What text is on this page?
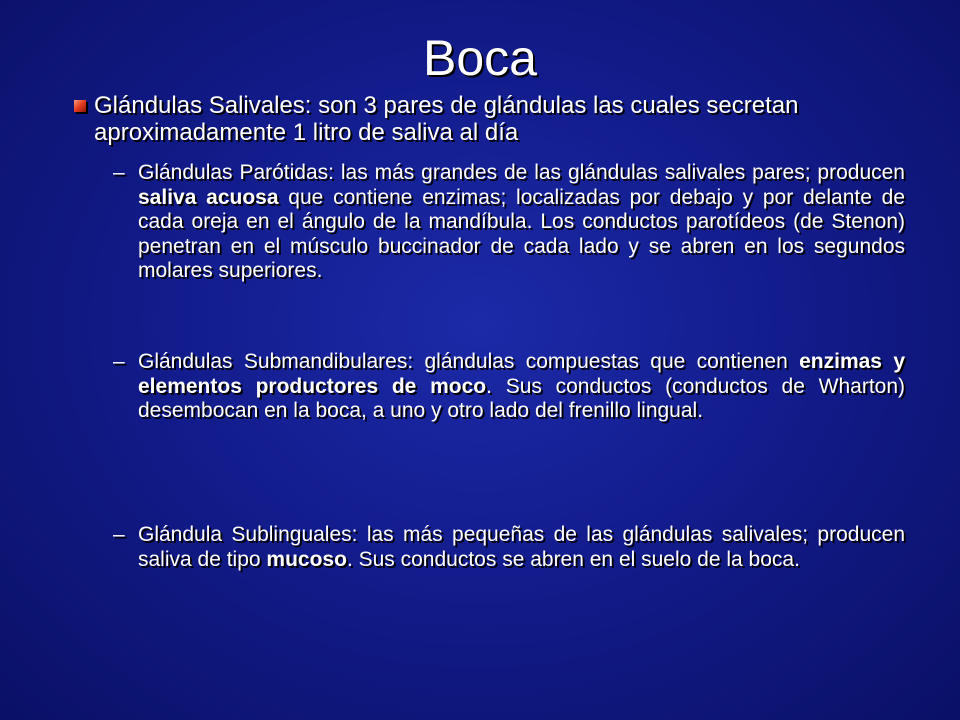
Boca
Glándulas Salivales: son 3 pares de glándulas las cuales secretan aproximadamente 1 litro de saliva al día
– Glándulas Parótidas: las más grandes de las glándulas salivales pares; producen saliva acuosa que contiene enzimas; localizadas por debajo y por delante de cada oreja en el ángulo de la mandíbula. Los conductos parotídeos (de Stenon) penetran en el músculo buccinador de cada lado y se abren en los segundos molares superiores.
– Glándulas Submandibulares: glándulas compuestas que contienen enzimas y elementos productores de moco. Sus conductos (conductos de Wharton) desembocan en la boca, a uno y otro lado del frenillo lingual.
– Glándula Sublinguales: las más pequeñas de las glándulas salivales; producen saliva de tipo mucoso. Sus conductos se abren en el suelo de la boca.
